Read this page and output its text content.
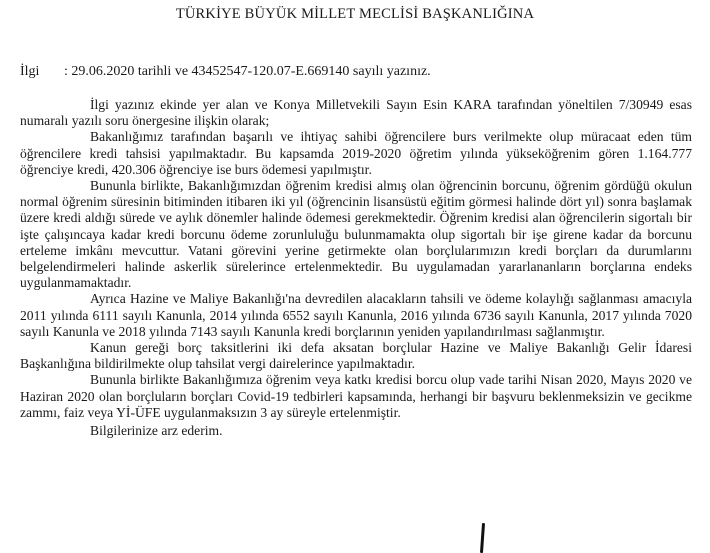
TÜRKİYE BÜYÜK MİLLET MECLİSİ BAŞKANLIĞINA
İlgi : 29.06.2020 tarihli ve 43452547-120.07-E.669140 sayılı yazınız.

İlgi yazınız ekinde yer alan ve Konya Milletvekili Sayın Esin KARA tarafından yöneltilen 7/30949 esas numaralı yazılı soru önergesine ilişkin olarak;

Bakanlığımız tarafından başarılı ve ihtiyaç sahibi öğrencilere burs verilmekte olup müracaat eden tüm öğrencilere kredi tahsisi yapılmaktadır. Bu kapsamda 2019-2020 öğretim yılında yükseköğrenim gören 1.164.777 öğrenciye kredi, 420.306 öğrenciye ise burs ödemesi yapılmıştır.

Bununla birlikte, Bakanlığımızdan öğrenim kredisi almış olan öğrencinin borcunu, öğrenim gördüğü okulun normal öğrenim süresinin bitiminden itibaren iki yıl (öğrencinin lisansüstü eğitim görmesi halinde dört yıl) sonra başlamak üzere kredi aldığı sürede ve aylık dönemler halinde ödemesi gerekmektedir. Öğrenim kredisi alan öğrencilerin sigortalı bir işte çalışıncaya kadar kredi borcunu ödeme zorunluluğu bulunmamakta olup sigortalı bir işe girene kadar da borcunu erteleme imkânı mevcuttur. Vatani görevini yerine getirmekte olan borçlularımızın kredi borçları da durumlarını belgelendirmeleri halinde askerlik sürelerince ertelenmektedir. Bu uygulamadan yararlananların borçlarına endeks uygulanmamaktadır.

Ayrıca Hazine ve Maliye Bakanlığı'na devredilen alacakların tahsili ve ödeme kolaylığı sağlanması amacıyla 2011 yılında 6111 sayılı Kanunla, 2014 yılında 6552 sayılı Kanunla, 2016 yılında 6736 sayılı Kanunla, 2017 yılında 7020 sayılı Kanunla ve 2018 yılında 7143 sayılı Kanunla kredi borçlarının yeniden yapılandırılması sağlanmıştır.

Kanun gereği borç taksitlerini iki defa aksatan borçlular Hazine ve Maliye Bakanlığı Gelir İdaresi Başkanlığına bildirilmekte olup tahsilat vergi dairelerince yapılmaktadır.

Bununla birlikte Bakanlığımıza öğrenim veya katkı kredisi borcu olup vade tarihi Nisan 2020, Mayıs 2020 ve Haziran 2020 olan borçluların borçları Covid-19 tedbirleri kapsamında, herhangi bir başvuru beklenmeksizin ve gecikme zammı, faiz veya Yİ-ÜFE uygulanmaksızın 3 ay süreyle ertelenmiştir.

Bilgilerinize arz ederim.
